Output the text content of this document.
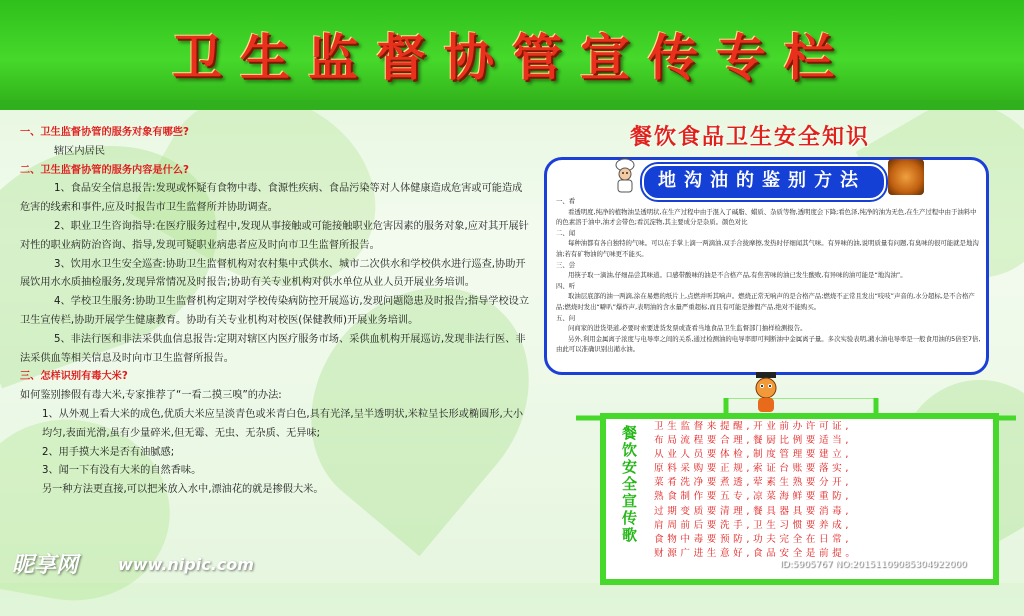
卫生监督协管宣传专栏

一、卫生监督协管的服务对象有哪些?

辖区内居民

二、卫生监督协管的服务内容是什么?

1、食品安全信息报告:发现或怀疑有食物中毒、食源性疾病、食品污染等对人体健康造成危害或可能造成危害的线索和事件,应及时报告市卫生监督所并协助调查。

2、职业卫生咨询指导:在医疗服务过程中,发现从事接触或可能接触职业危害因素的服务对象,应对其开展针对性的职业病防治咨询、指导,发现可疑职业病患者应及时向市卫生监督所报告。

3、饮用水卫生安全巡查:协助卫生监督机构对农村集中式供水、城市二次供水和学校供水进行巡查,协助开展饮用水水质抽检服务,发现异常情况及时报告;协助有关专业机构对供水单位从业人员开展业务培训。

4、学校卫生服务:协助卫生监督机构定期对学校传染病防控开展巡访,发现问题隐患及时报告;指导学校设立卫生宣传栏,协助开展学生健康教育。协助有关专业机构对校医(保健教师)开展业务培训。

5、非法行医和非法采供血信息报告:定期对辖区内医疗服务市场、采供血机构开展巡访,发现非法行医、非法采供血等相关信息及时向市卫生监督所报告。

三、怎样识别有毒大米?

如何鉴别掺假有毒大米,专家推荐了“一看二摸三嗅”的办法:

1、从外观上看大米的成色,优质大米应呈淡青色或米青白色,具有光泽,呈半透明状,米粒呈长形或椭圆形,大小均匀,表面光滑,虽有少量碎米,但无霉、无虫、无杂质、无异味;

2、用手摸大米是否有油腻感;

3、闻一下有没有大米的自然香味。

另一种方法更直接,可以把米放入水中,漂油花的就是掺假大米。

餐饮食品卫生安全知识
地沟油的鉴别方法

一、看

看透明度,纯净的植物油呈透明状,在生产过程中由于混入了碱脂、蜡质、杂质等物,透明度会下降;看色泽,纯净的油为无色,在生产过程中由于油料中的色素溶于油中,油才会带色;看沉淀物,其主要成分是杂质。颜色对比

二、闻

每种油都有各自独特的气味。可以在手掌上滴一两滴油,双手合拢摩擦,发热时仔细闻其气味。有异味的油,说明质量有问题,有臭味的很可能就是地沟油;若有矿物油的气味更不能买。

三、尝

用筷子取一滴油,仔细品尝其味道。口感带酸味的油是不合格产品,有焦苦味的油已发生酸败,有异味的油可能是“地沟油”。

四、听

取油层底部的油一两滴,涂在易燃的纸片上,点燃并听其响声。燃烧正常无响声的是合格产品;燃烧不正常且发出“吱吱”声音的,水分超标,是不合格产品;燃烧时发出“噼叭”爆炸声,表明油的含水量严重超标,而且有可能是掺假产品,绝对不能购买。

五、问

问商家的进货渠道,必要时索要进货发票或查看当地食品卫生监督部门抽样检测报告。

另外,利用金属离子浓度与电导率之间的关系,通过检测油的电导率即可判断油中金属离子量。多次实验表明,潲水油电导率是一般食用油的5倍至7倍,由此可以准确识别出潲水油。

餐饮安全宣传歌 卫生监督来提醒,开业前办许可证,

布局流程要合理,餐厨比例要适当,

从业人员要体检,制度管理要建立,

原料采购要正规,索证台账要落实,

菜肴洗净要煮透,荤素生熟要分开,

熟食制作要五专,凉菜海鲜要重防,

过期变质要清理,餐具器具要消毒,

肩周前后要洗手,卫生习惯要养成,

食物中毒要预防,功夫完全在日常,

财源广进生意好,食品安全是前提。

昵享网 www.nipic.com	ID:5905767 NO:20151109085304922000
